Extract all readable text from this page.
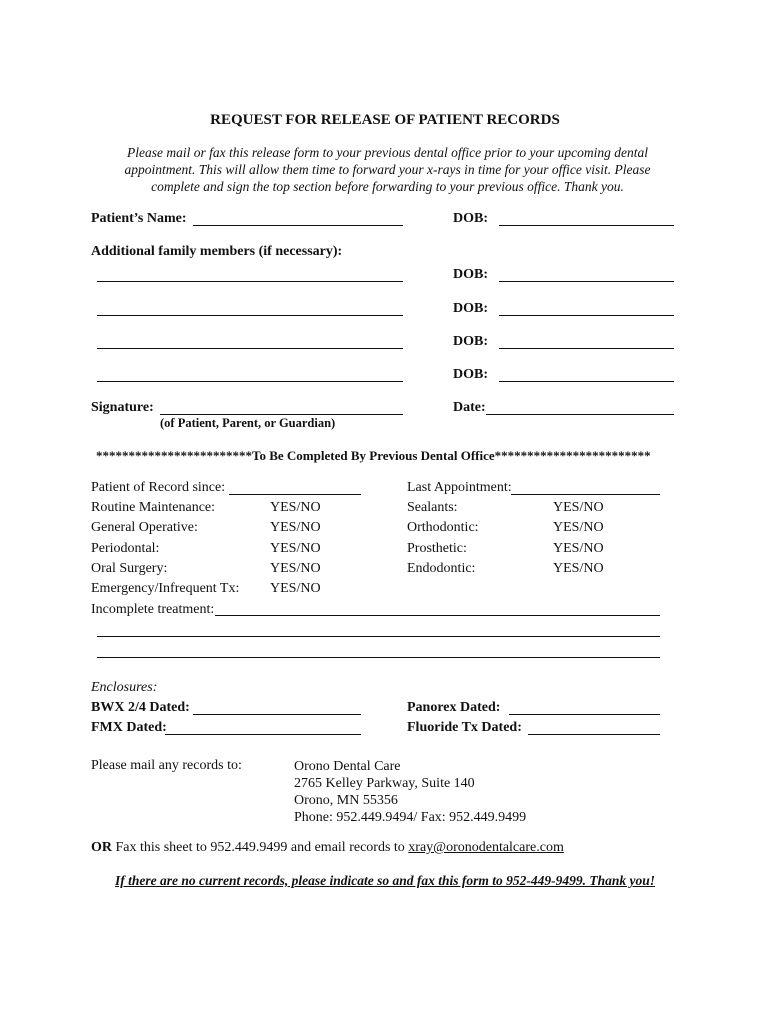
REQUEST FOR RELEASE OF PATIENT RECORDS
Please mail or fax this release form to your previous dental office prior to your upcoming dental
appointment. This will allow them time to forward your x-rays in time for your office visit. Please
complete and sign the top section before forwarding to your previous office. Thank you.
Patient’s Name:	DOB:
Additional family members (if necessary):
DOB:
DOB:
DOB:
DOB:
Signature:
(of Patient, Parent, or Guardian)
Date:
************************To Be Completed By Previous Dental Office************************
Patient of Record since:	Last Appointment:
Routine Maintenance:	YES/NO	Sealants:	YES/NO
General Operative:	YES/NO	Orthodontic:	YES/NO
Periodontal:	YES/NO	Prosthetic:	YES/NO
Oral Surgery:	YES/NO	Endodontic:	YES/NO
Emergency/Infrequent Tx: YES/NO
Incomplete treatment:
Enclosures:
BWX 2/4 Dated:	Panorex Dated:
FMX Dated:	Fluoride Tx Dated:
Please mail any records to:	Orono Dental Care
2765 Kelley Parkway, Suite 140
Orono, MN 55356
Phone: 952.449.9494/ Fax: 952.449.9499
OR Fax this sheet to 952.449.9499 and email records to xray@oronodentalcare.com
If there are no current records, please indicate so and fax this form to 952-449-9499. Thank you!
